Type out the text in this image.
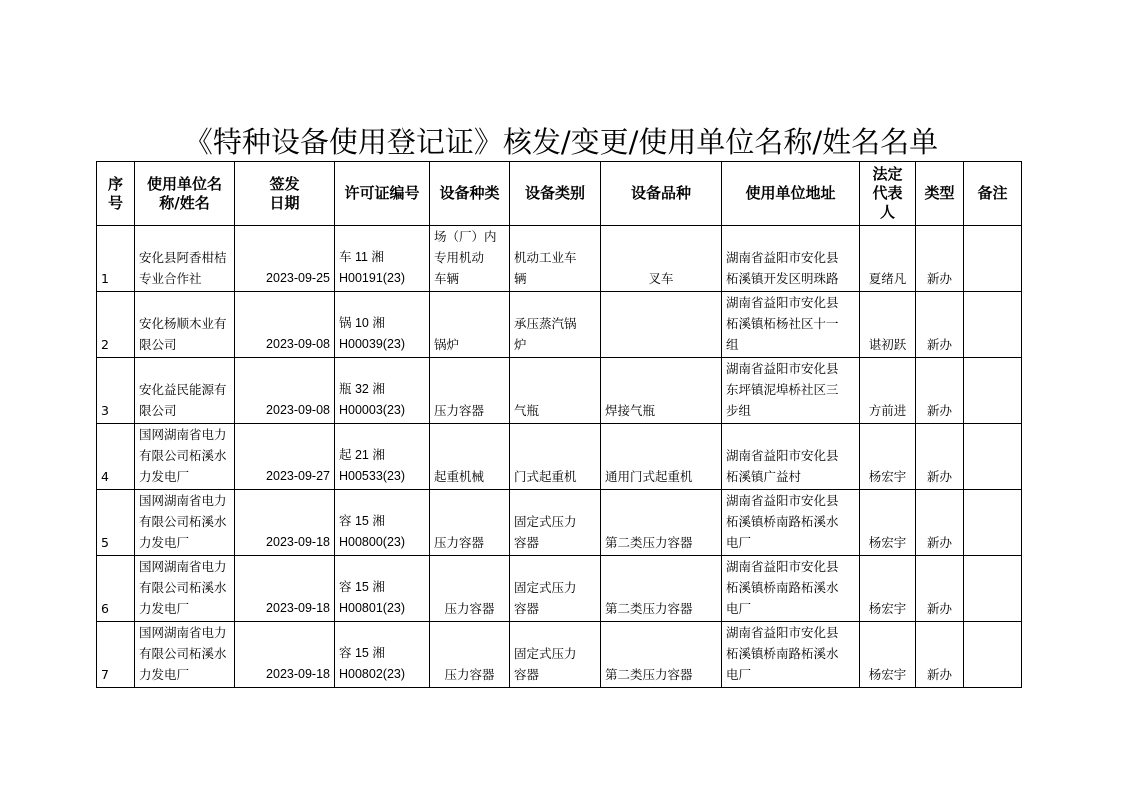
《特种设备使用登记证》核发/变更/使用单位名称/姓名名单
序
号	使用单位名
称/姓名	签发
日期	许可证编号	设备种类	设备类别	设备品种	使用单位地址	法定
代表
人	类型	备注

1	安化县阿香柑桔
专业合作社	2023-09-25	车 11 湘
H00191(23)	场（厂）内
专用机动
车辆	机动工业车
辆	叉车	湖南省益阳市安化县
柘溪镇开发区明珠路	夏绪凡	新办	

2	安化杨顺木业有
限公司	2023-09-08	锅 10 湘
H00039(23)	锅炉	承压蒸汽锅
炉		湖南省益阳市安化县
柘溪镇柘杨社区十一
组	谌初跃	新办	

3	安化益民能源有
限公司	2023-09-08	瓶 32 湘
H00003(23)	压力容器	气瓶	焊接气瓶	湖南省益阳市安化县
东坪镇泥埠桥社区三
步组	方前进	新办	

4	国网湖南省电力
有限公司柘溪水
力发电厂	2023-09-27	起 21 湘
H00533(23)	起重机械	门式起重机	通用门式起重机	湖南省益阳市安化县
柘溪镇广益村	杨宏宇	新办	

5	国网湖南省电力
有限公司柘溪水
力发电厂	2023-09-18	容 15 湘
H00800(23)	压力容器	固定式压力
容器	第二类压力容器	湖南省益阳市安化县
柘溪镇桥南路柘溪水
电厂	杨宏宇	新办	

6	国网湖南省电力
有限公司柘溪水
力发电厂	2023-09-18	容 15 湘
H00801(23)	压力容器	固定式压力
容器	第二类压力容器	湖南省益阳市安化县
柘溪镇桥南路柘溪水
电厂	杨宏宇	新办	

7	国网湖南省电力
有限公司柘溪水
力发电厂	2023-09-18	容 15 湘
H00802(23)	压力容器	固定式压力
容器	第二类压力容器	湖南省益阳市安化县
柘溪镇桥南路柘溪水
电厂	杨宏宇	新办	
